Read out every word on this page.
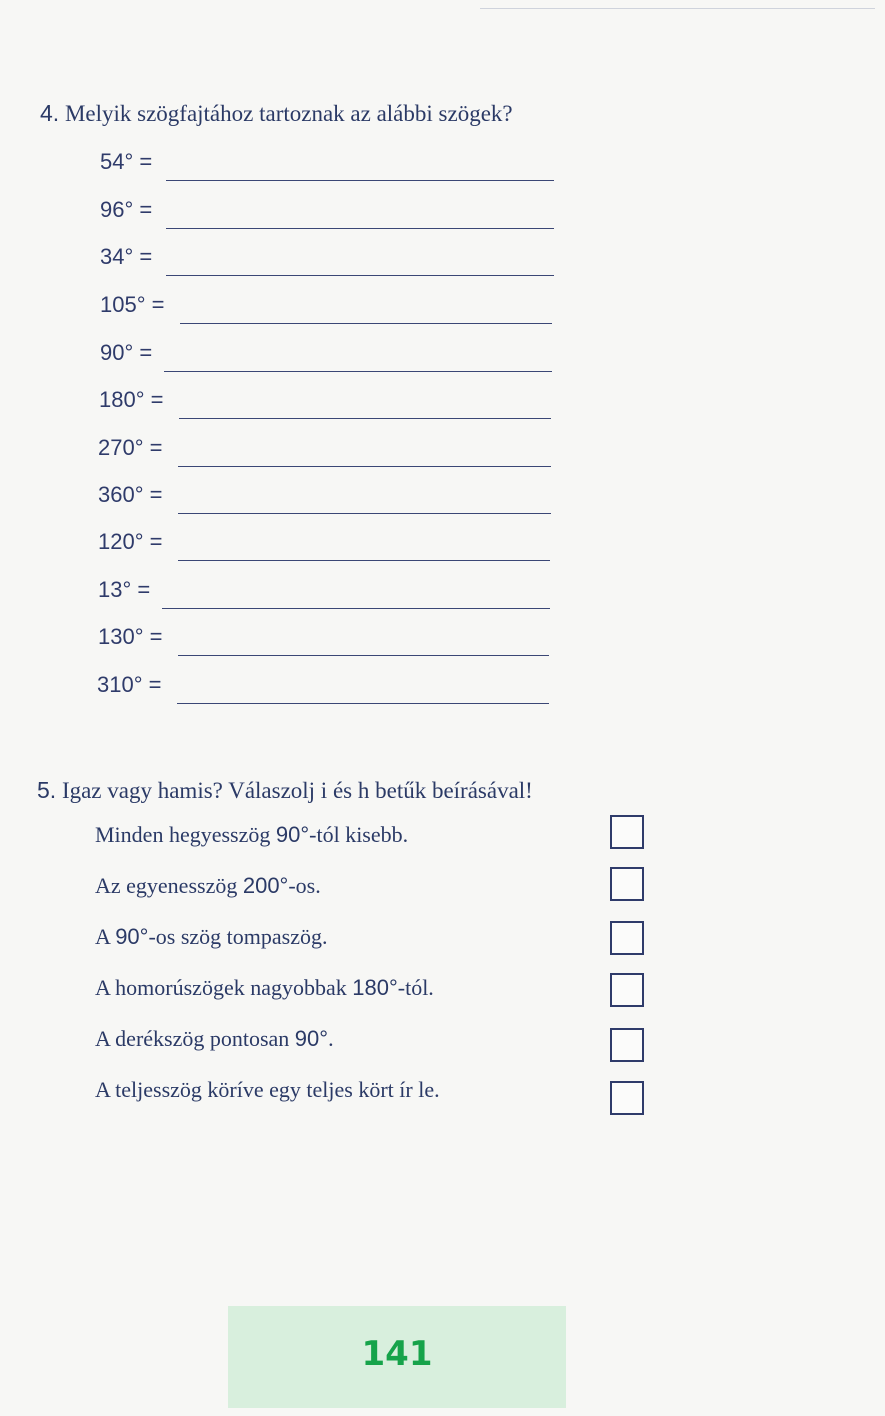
4. Melyik szögfajtához tartoznak az alábbi szögek?
54° =
96° =
34° =
105° =
90° =
180° =
270° =
360° =
120° =
13° =
130° =
310° =
5. Igaz vagy hamis? Válaszolj i és h betűk beírásával!
Minden hegyesszög 90°-tól kisebb.
Az egyenesszög 200°-os.
A 90°-os szög tompaszög.
A homorúszögek nagyobbak 180°-tól.
A derékszög pontosan 90°.
A teljesszög köríve egy teljes kört ír le.
141
